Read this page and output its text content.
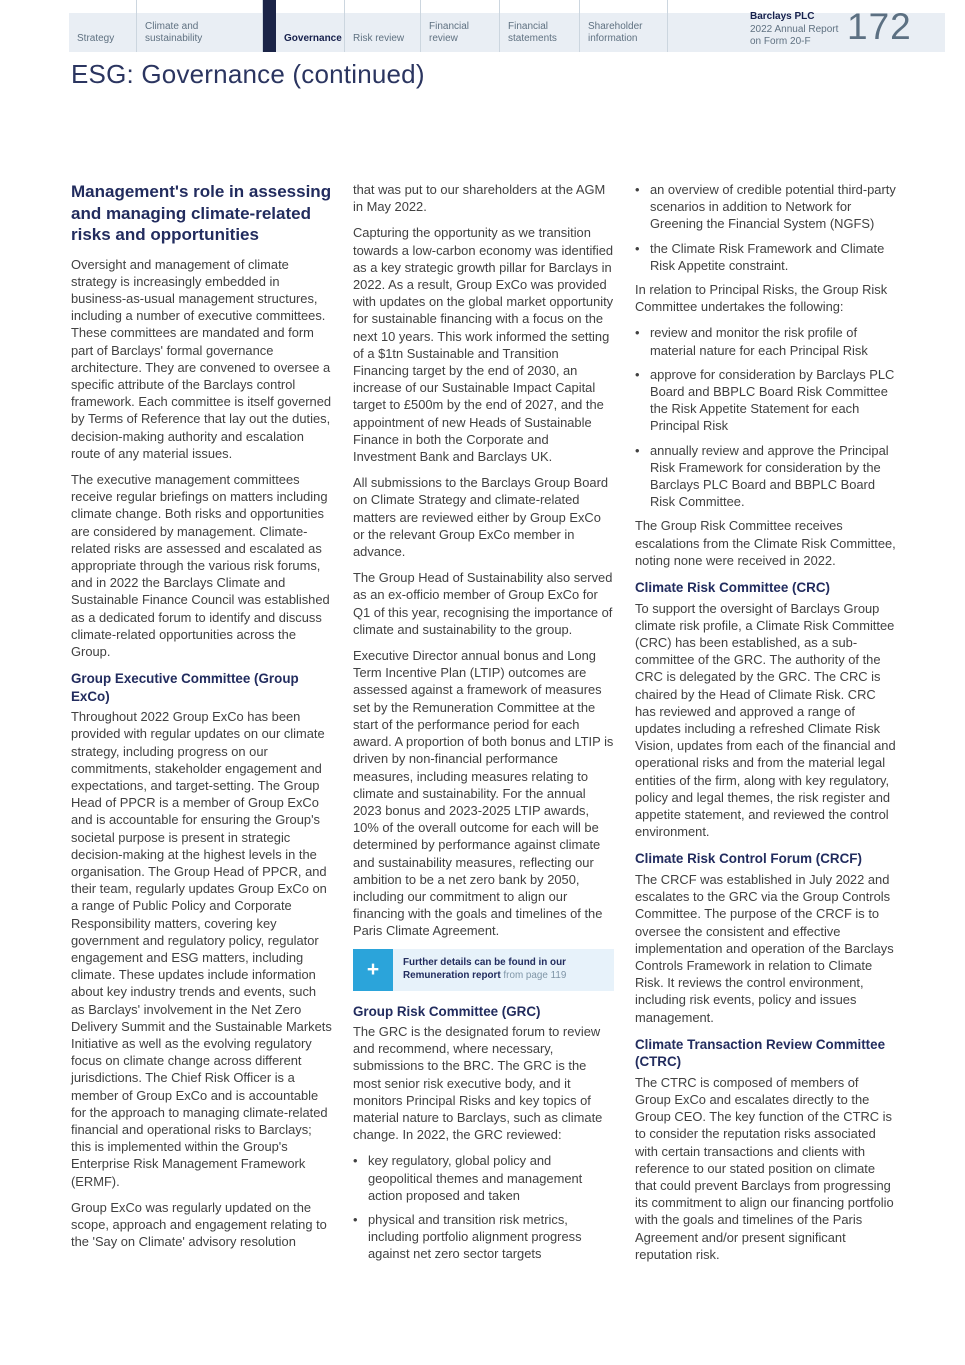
Strategy
Climate and sustainability	Governance Risk review
Financial review
Financial statements
Shareholder information
Barclays PLC
2022 Annual Report
on Form 20-F 172
ESG: Governance (continued)
Management's role in assessing and managing climate-related risks and opportunities

Oversight and management of climate strategy is increasingly embedded in business-as-usual management structures, including a number of executive committees. These committees are mandated and form part of Barclays' formal governance architecture. They are convened to oversee a specific attribute of the Barclays control framework. Each committee is itself governed by Terms of Reference that lay out the duties, decision-making authority and escalation route of any material issues.

The executive management committees receive regular briefings on matters including climate change. Both risks and opportunities are considered by management. Climate-related risks are assessed and escalated as appropriate through the various risk forums, and in 2022 the Barclays Climate and Sustainable Finance Council was established as a dedicated forum to identify and discuss climate-related opportunities across the Group.

Group Executive Committee (Group ExCo)

Throughout 2022 Group ExCo has been provided with regular updates on our climate strategy, including progress on our commitments, stakeholder engagement and expectations, and target-setting. The Group Head of PPCR is a member of Group ExCo and is accountable for ensuring the Group's societal purpose is present in strategic decision-making at the highest levels in the organisation. The Group Head of PPCR, and their team, regularly updates Group ExCo on a range of Public Policy and Corporate Responsibility matters, covering key government and regulatory policy, regulator engagement and ESG matters, including climate. These updates include information about key industry trends and events, such as Barclays' involvement in the Net Zero Delivery Summit and the Sustainable Markets Initiative as well as the evolving regulatory focus on climate change across different jurisdictions. The Chief Risk Officer is a member of Group ExCo and is accountable for the approach to managing climate-related financial and operational risks to Barclays; this is implemented within the Group's Enterprise Risk Management Framework (ERMF).

Group ExCo was regularly updated on the scope, approach and engagement relating to the 'Say on Climate' advisory resolution

that was put to our shareholders at the AGM in May 2022.

Capturing the opportunity as we transition towards a low-carbon economy was identified as a key strategic growth pillar for Barclays in 2022. As a result, Group ExCo was provided with updates on the global market opportunity for sustainable financing with a focus on the next 10 years. This work informed the setting of a $1tn Sustainable and Transition Financing target by the end of 2030, an increase of our Sustainable Impact Capital target to £500m by the end of 2027, and the appointment of new Heads of Sustainable Finance in both the Corporate and Investment Bank and Barclays UK.

All submissions to the Barclays Group Board on Climate Strategy and climate-related matters are reviewed either by Group ExCo or the relevant Group ExCo member in advance.

The Group Head of Sustainability also served as an ex-officio member of Group ExCo for Q1 of this year, recognising the importance of climate and sustainability to the group.

Executive Director annual bonus and Long Term Incentive Plan (LTIP) outcomes are assessed against a framework of measures set by the Remuneration Committee at the start of the performance period for each award. A proportion of both bonus and LTIP is driven by non-financial performance measures, including measures relating to climate and sustainability. For the annual 2023 bonus and 2023-2025 LTIP awards, 10% of the overall outcome for each will be determined by performance against climate and sustainability measures, reflecting our ambition to be a net zero bank by 2050, including our commitment to align our financing with the goals and timelines of the Paris Climate Agreement.

+	Further details can be found in our Remuneration report from page 119
Group Risk Committee (GRC)

The GRC is the designated forum to review and recommend, where necessary, submissions to the BRC. The GRC is the most senior risk executive body, and it monitors Principal Risks and key topics of material nature to Barclays, such as climate change. In 2022, the GRC reviewed:

• key regulatory, global policy and geopolitical themes and management action proposed and taken
• physical and transition risk metrics, including portfolio alignment progress against net zero sector targets
• an overview of credible potential third-party scenarios in addition to Network for Greening the Financial System (NGFS)
• the Climate Risk Framework and Climate Risk Appetite constraint.

In relation to Principal Risks, the Group Risk Committee undertakes the following:

• review and monitor the risk profile of material nature for each Principal Risk
• approve for consideration by Barclays PLC Board and BBPLC Board Risk Committee the Risk Appetite Statement for each Principal Risk
• annually review and approve the Principal Risk Framework for consideration by the Barclays PLC Board and BBPLC Board Risk Committee.

The Group Risk Committee receives escalations from the Climate Risk Committee, noting none were received in 2022.

Climate Risk Committee (CRC)

To support the oversight of Barclays Group climate risk profile, a Climate Risk Committee (CRC) has been established, as a sub-committee of the GRC. The authority of the CRC is delegated by the GRC. The CRC is chaired by the Head of Climate Risk. CRC has reviewed and approved a range of updates including a refreshed Climate Risk Vision, updates from each of the financial and operational risks and from the material legal entities of the firm, along with key regulatory, policy and legal themes, the risk register and appetite statement, and reviewed the control environment.

Climate Risk Control Forum (CRCF)

The CRCF was established in July 2022 and escalates to the GRC via the Group Controls Committee. The purpose of the CRCF is to oversee the consistent and effective implementation and operation of the Barclays Controls Framework in relation to Climate Risk. It reviews the control environment, including risk events, policy and issues management.

Climate Transaction Review Committee (CTRC)

The CTRC is composed of members of Group ExCo and escalates directly to the Group CEO. The key function of the CTRC is to consider the reputation risks associated with certain transactions and clients with reference to our stated position on climate that could prevent Barclays from progressing its commitment to align our financing portfolio with the goals and timelines of the Paris Agreement and/or present significant reputation risk.
